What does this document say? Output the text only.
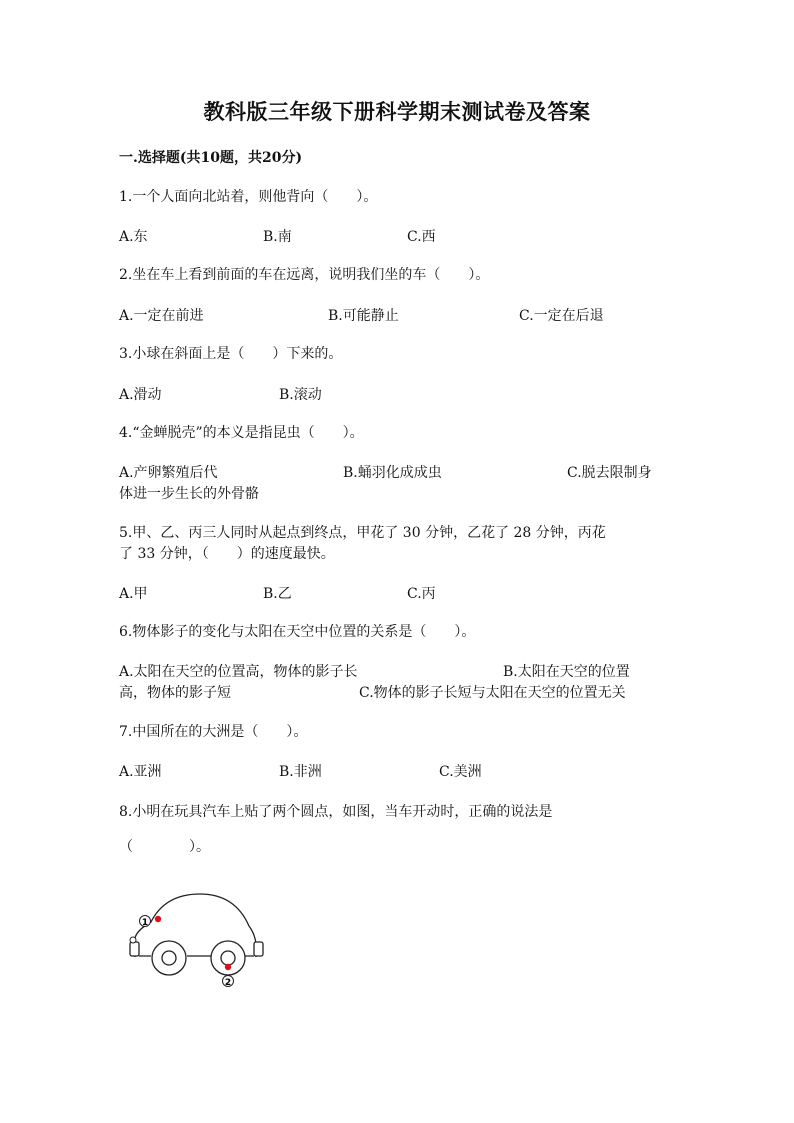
教科版三年级下册科学期末测试卷及答案
一.选择题(共10题，共20分)
1.一个人面向北站着，则他背向（　　）。
A.东	B.南	C.西
2.坐在车上看到前面的车在远离，说明我们坐的车（　　）。
A.一定在前进	B.可能静止	C.一定在后退
3.小球在斜面上是（　　）下来的。
A.滑动	B.滚动
4.“金蝉脱壳”的本义是指昆虫（　　）。
A.产卵繁殖后代	B.蛹羽化成成虫	C.脱去限制身
体进一步生长的外骨骼
5.甲、乙、丙三人同时从起点到终点，甲花了 30 分钟，乙花了 28 分钟，丙花
了 33 分钟，（　　）的速度最快。
A.甲	B.乙	C.丙
6.物体影子的变化与太阳在天空中位置的关系是（　　）。
A.太阳在天空的位置高，物体的影子长	B.太阳在天空的位置
高，物体的影子短	C.物体的影子长短与太阳在天空的位置无关
7.中国所在的大洲是（　　）。
A.亚洲	B.非洲	C.美洲
8.小明在玩具汽车上贴了两个圆点，如图，当车开动时，正确的说法是
（　　　　）。
1
2
